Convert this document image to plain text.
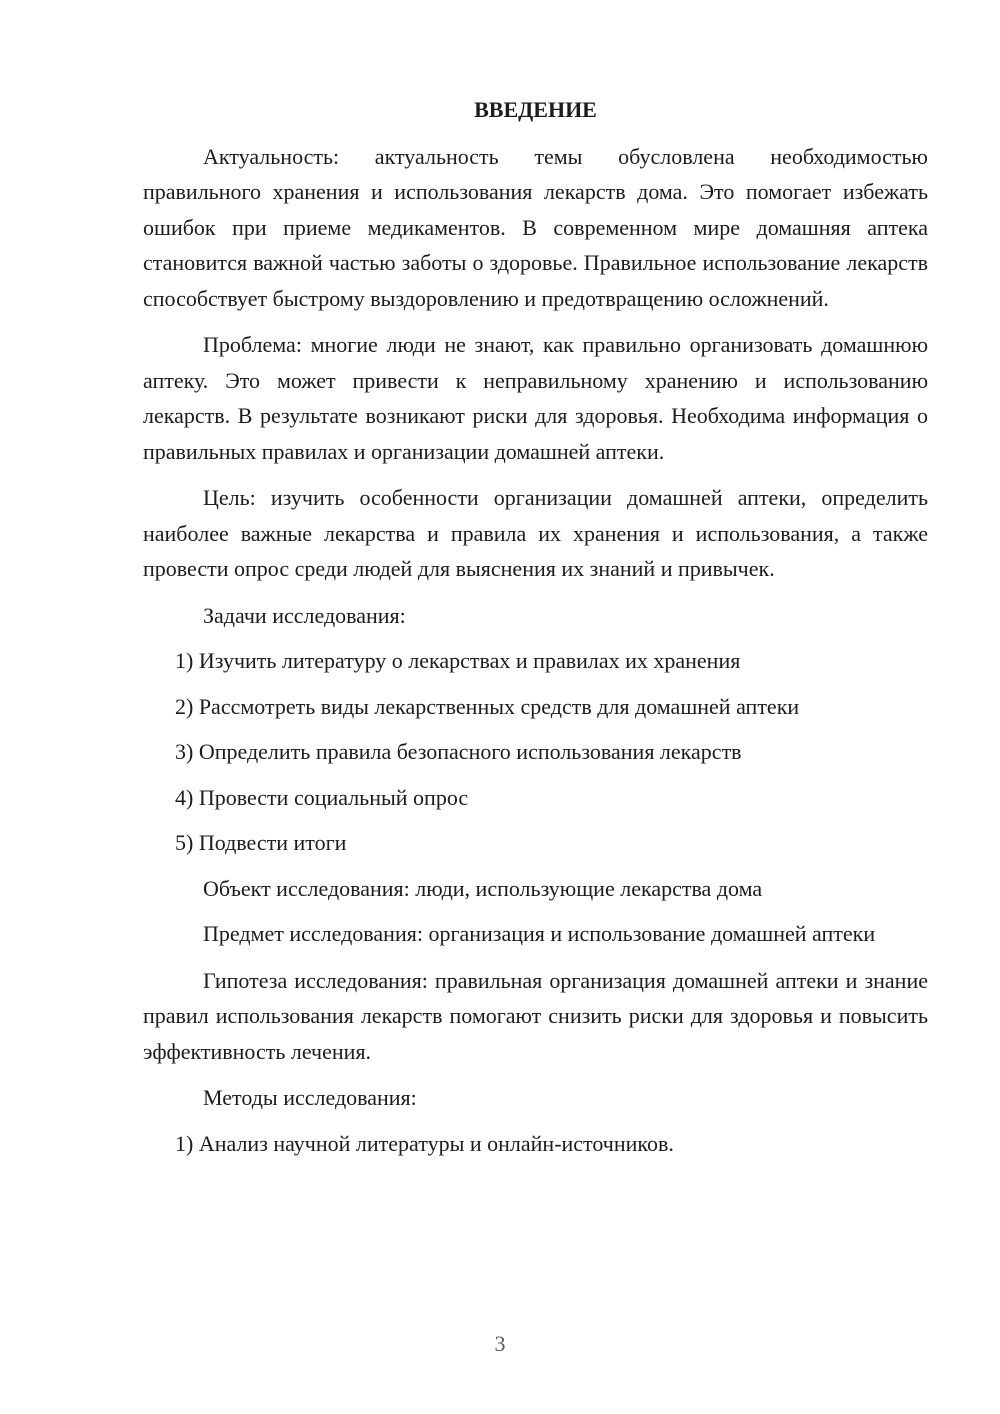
ВВЕДЕНИЕ

Актуальность: актуальность темы обусловлена необходимостью правильного хранения и использования лекарств дома. Это помогает избежать ошибок при приеме медикаментов. В современном мире домашняя аптека становится важной частью заботы о здоровье. Правильное использование лекарств способствует быстрому выздоровлению и предотвращению осложнений.

Проблема: многие люди не знают, как правильно организовать домашнюю аптеку. Это может привести к неправильному хранению и использованию лекарств. В результате возникают риски для здоровья. Необходима информация о правильных правилах и организации домашней аптеки.

Цель: изучить особенности организации домашней аптеки, определить наиболее важные лекарства и правила их хранения и использования, а также провести опрос среди людей для выяснения их знаний и привычек.

Задачи исследования:

1) Изучить литературу о лекарствах и правилах их хранения
2) Рассмотреть виды лекарственных средств для домашней аптеки
3) Определить правила безопасного использования лекарств
4) Провести социальный опрос
5) Подвести итоги

Объект исследования: люди, использующие лекарства дома

Предмет исследования: организация и использование домашней аптеки

Гипотеза исследования: правильная организация домашней аптеки и знание правил использования лекарств помогают снизить риски для здоровья и повысить эффективность лечения.

Методы исследования:

1) Анализ научной литературы и онлайн-источников.
3
